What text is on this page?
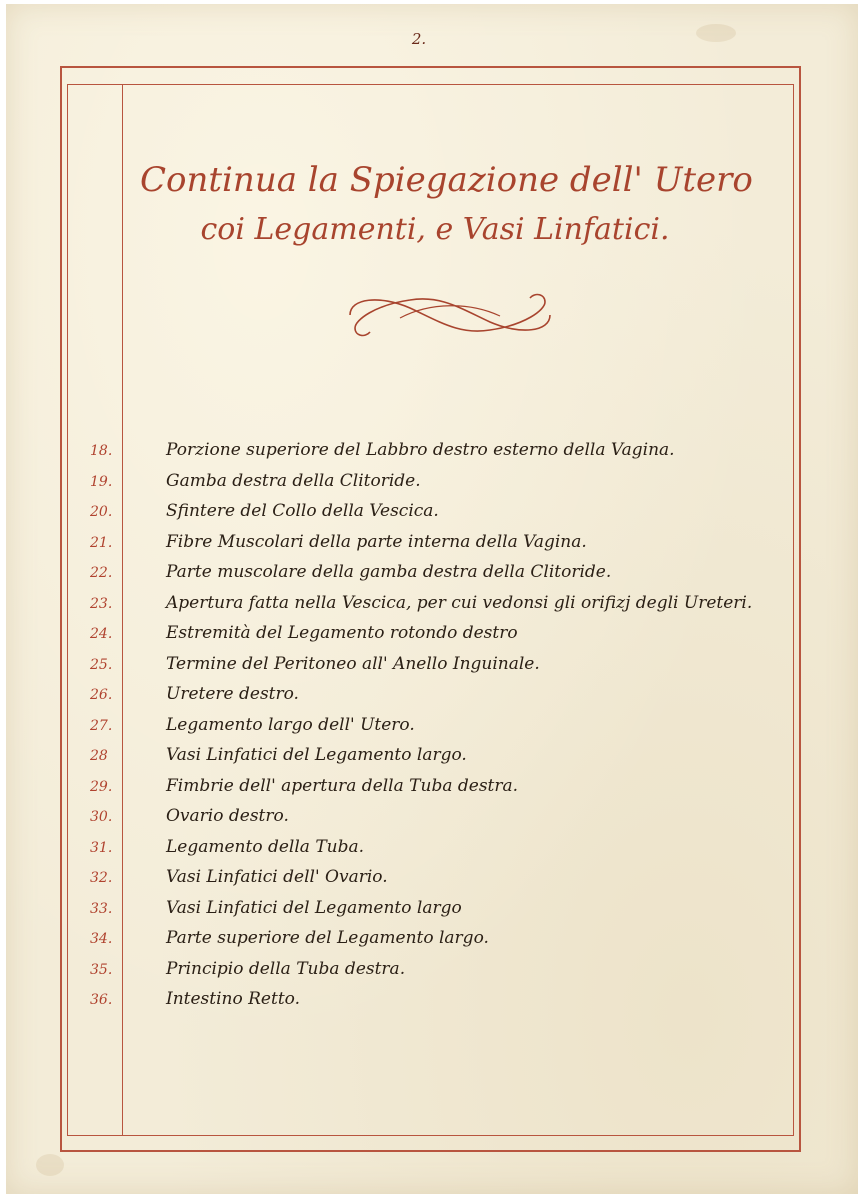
2.
Continua la Spiegazione dell' Utero
coi Legamenti, e Vasi Linfatici.
18.	Porzione superiore del Labbro destro esterno della Vagina.
19.	Gamba destra della Clitoride.
20.	Sfintere del Collo della Vescica.
21.	Fibre Muscolari della parte interna della Vagina.
22.	Parte muscolare della gamba destra della Clitoride.
23.	Apertura fatta nella Vescica, per cui vedonsi gli orifizj degli Ureteri.
24.	Estremità del Legamento rotondo destro
25.	Termine del Peritoneo all' Anello Inguinale.
26.	Uretere destro.
27.	Legamento largo dell' Utero.
28	Vasi Linfatici del Legamento largo.
29.	Fimbrie dell' apertura della Tuba destra.
30.	Ovario destro.
31.	Legamento della Tuba.
32.	Vasi Linfatici dell' Ovario.
33.	Vasi Linfatici del Legamento largo
34.	Parte superiore del Legamento largo.
35.	Principio della Tuba destra.
36.	Intestino Retto.
